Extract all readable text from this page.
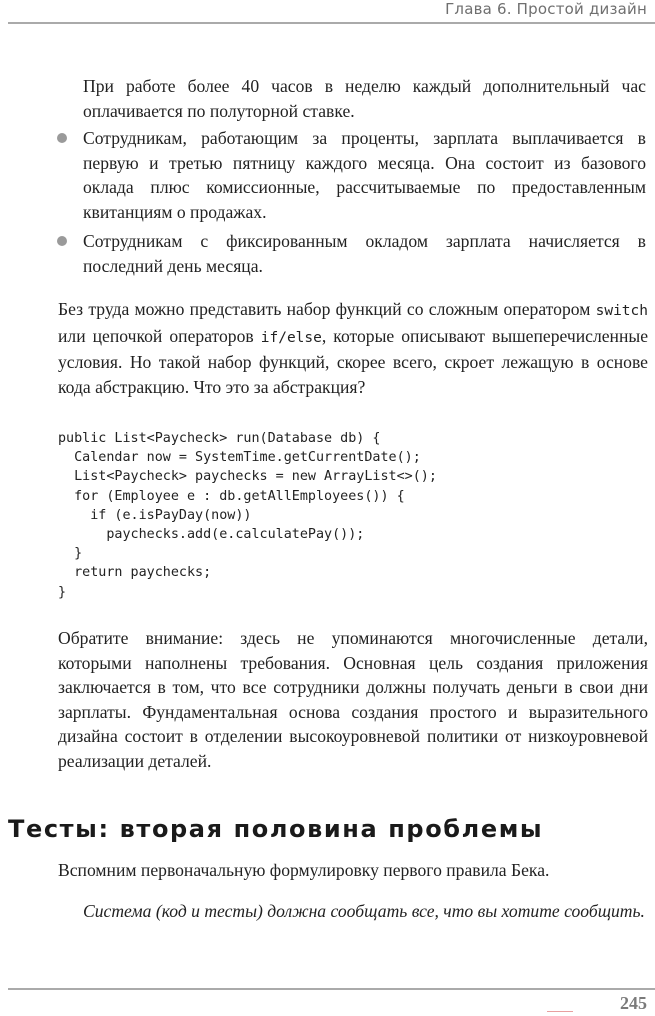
Глава 6. Простой дизайн

При работе более 40 часов в неделю каждый дополнительный час оплачивается по полуторной ставке.

Сотрудникам, работающим за проценты, зарплата выплачивается в первую и третью пятницу каждого месяца. Она состоит из базового оклада плюс комиссионные, рассчитываемые по предоставленным квитанциям о продажах.
Сотрудникам с фиксированным окладом зарплата начисляется в последний день месяца.

Без труда можно представить набор функций со сложным оператором switch или цепочкой операторов if/else, которые описывают вышеперечисленные условия. Но такой набор функций, скорее всего, скроет лежащую в основе кода абстракцию. Что это за абстракция?

public List<Paycheck> run(Database db) {
Calendar now = SystemTime.getCurrentDate();
List<Paycheck> paychecks = new ArrayList<>();
for (Employee e : db.getAllEmployees()) {
if (e.isPayDay(now))
paychecks.add(e.calculatePay());
}
return paychecks;
}

Обратите внимание: здесь не упоминаются многочисленные детали, которыми наполнены требования. Основная цель создания приложения заключается в том, что все сотрудники должны получать деньги в свои дни зарплаты. Фундаментальная основа создания простого и выразительного дизайна состоит в отделении высокоуровневой политики от низкоуровневой реализации деталей.

Тесты: вторая половина проблемы

Вспомним первоначальную формулировку первого правила Бека.

Система (код и тесты) должна сообщать все, что вы хотите сообщить.

245
